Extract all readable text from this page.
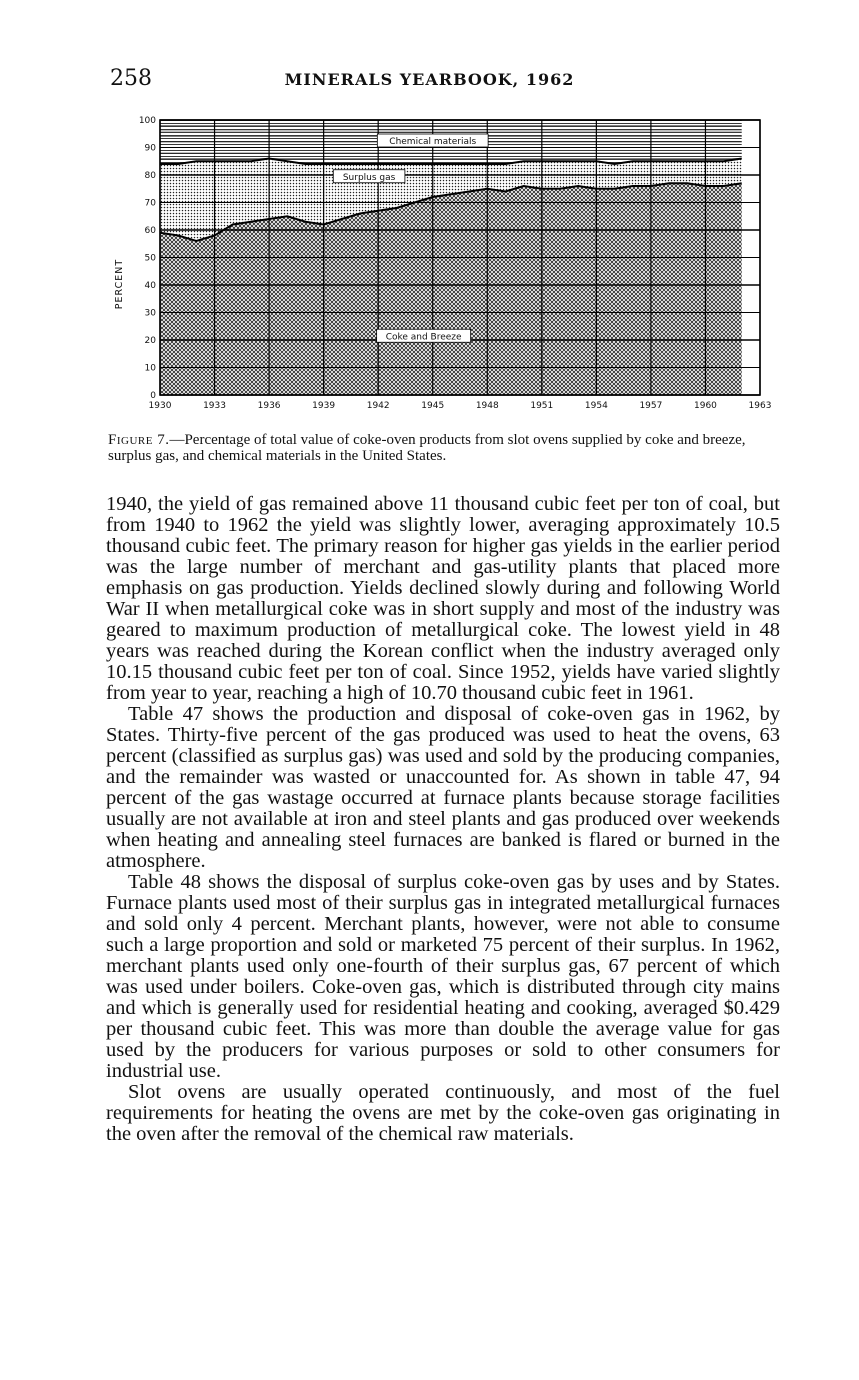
258	MINERALS YEARBOOK, 1962
0
10
20
30
40
50
60
70
80
90
100
1930	1933	1936	1939	1942	1945	1948	1951	1954	1957	1960	1963
Coke and Breeze
Surplus gas
Chemical materials
PERCENT
Figure 7.—Percentage of total value of coke-oven products from slot ovens supplied by coke and breeze, surplus gas, and chemical materials in the United States.

1940, the yield of gas remained above 11 thousand cubic feet per ton of coal, but from 1940 to 1962 the yield was slightly lower, averaging approximately 10.5 thousand cubic feet. The primary reason for higher gas yields in the earlier period was the large number of merchant and gas-utility plants that placed more emphasis on gas production. Yields declined slowly during and following World War II when metallurgical coke was in short supply and most of the industry was geared to maximum production of metallurgical coke. The lowest yield in 48 years was reached during the Korean conflict when the industry averaged only 10.15 thousand cubic feet per ton of coal. Since 1952, yields have varied slightly from year to year, reaching a high of 10.70 thousand cubic feet in 1961.

Table 47 shows the production and disposal of coke-oven gas in 1962, by States. Thirty-five percent of the gas produced was used to heat the ovens, 63 percent (classified as surplus gas) was used and sold by the producing companies, and the remainder was wasted or unaccounted for. As shown in table 47, 94 percent of the gas wastage occurred at furnace plants because storage facilities usually are not available at iron and steel plants and gas produced over weekends when heating and annealing steel furnaces are banked is flared or burned in the atmosphere.

Table 48 shows the disposal of surplus coke-oven gas by uses and by States. Furnace plants used most of their surplus gas in integrated metallurgical furnaces and sold only 4 percent. Merchant plants, however, were not able to consume such a large proportion and sold or marketed 75 percent of their surplus. In 1962, merchant plants used only one-fourth of their surplus gas, 67 percent of which was used under boilers. Coke-oven gas, which is distributed through city mains and which is generally used for residential heating and cooking, averaged $0.429 per thousand cubic feet. This was more than double the average value for gas used by the producers for various purposes or sold to other consumers for industrial use.

Slot ovens are usually operated continuously, and most of the fuel requirements for heating the ovens are met by the coke-oven gas originating in the oven after the removal of the chemical raw materials.
